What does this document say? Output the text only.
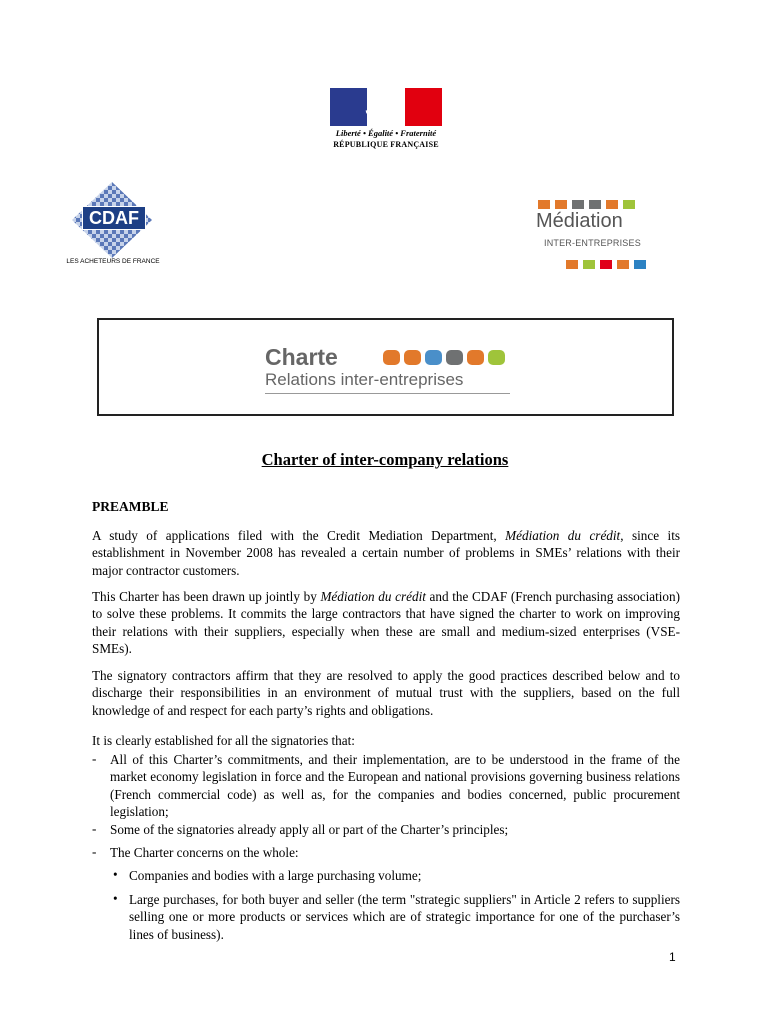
Liberté • Égalité • Fraternité
RÉPUBLIQUE FRANÇAISE
CDAF
LES ACHETEURS DE FRANCE
Médiation
INTER-ENTREPRISES
Charte
Relations inter-entreprises
Charter of inter-company relations
PREAMBLE
A study of applications filed with the Credit Mediation Department, Médiation du crédit, since its establishment in November 2008 has revealed a certain number of problems in SMEs’ relations with their major contractor customers.
This Charter has been drawn up jointly by Médiation du crédit and the CDAF (French purchasing association) to solve these problems. It commits the large contractors that have signed the charter to work on improving their relations with their suppliers, especially when these are small and medium-sized enterprises (VSE-SMEs).
The signatory contractors affirm that they are resolved to apply the good practices described below and to discharge their responsibilities in an environment of mutual trust with the suppliers, based on the full knowledge of and respect for each party’s rights and obligations.
It is clearly established for all the signatories that:
- All of this Charter’s commitments, and their implementation, are to be understood in the frame of the market economy legislation in force and the European and national provisions governing business relations (French commercial code) as well as, for the companies and bodies concerned, public procurement legislation;
- Some of the signatories already apply all or part of the Charter’s principles;
- The Charter concerns on the whole:
• Companies and bodies with a large purchasing volume;
• Large purchases, for both buyer and seller (the term "strategic suppliers" in Article 2 refers to suppliers selling one or more products or services which are of strategic importance for one of the purchaser’s lines of business).
1
